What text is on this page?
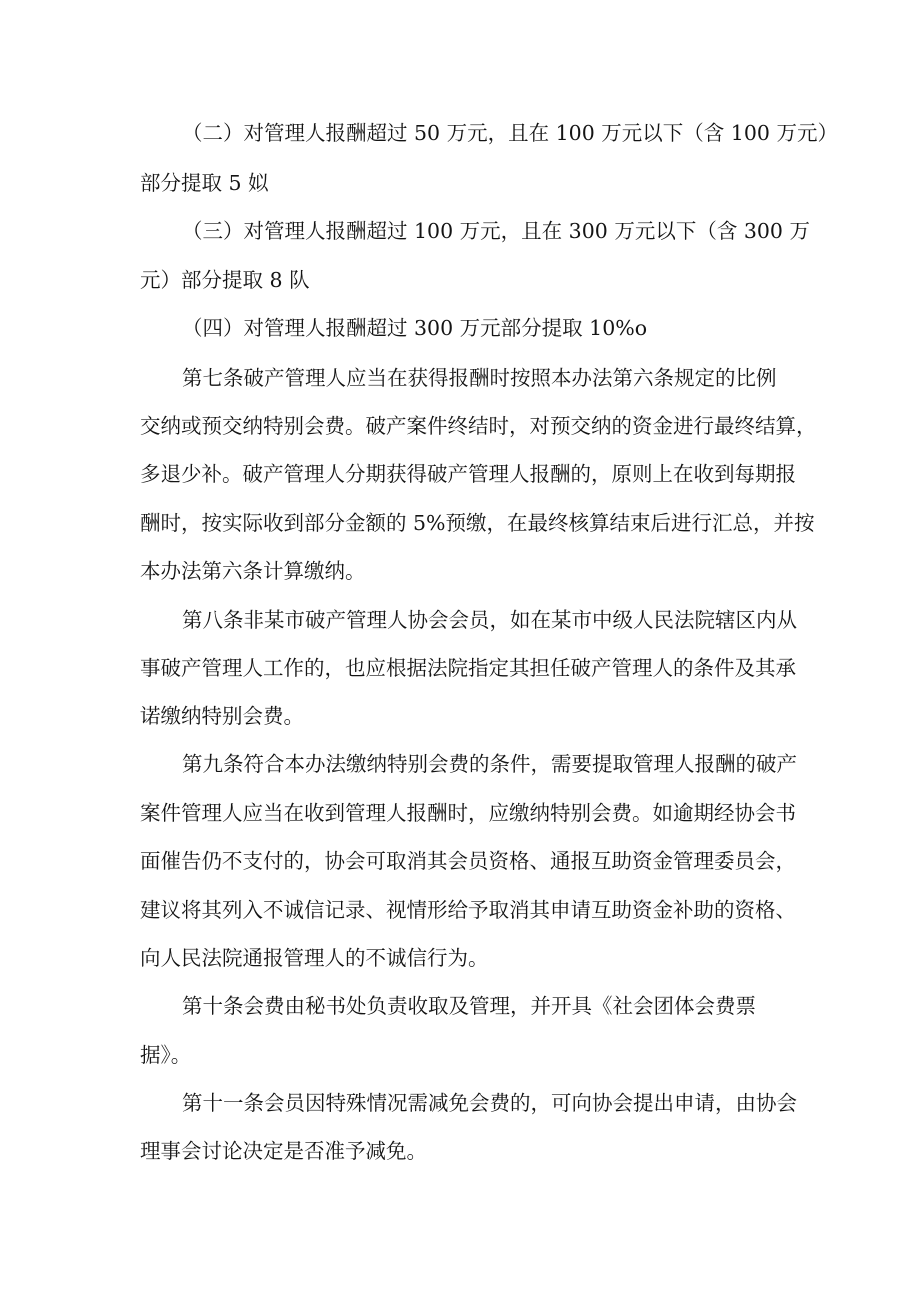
（二）对管理人报酬超过 50 万元，且在 100 万元以下（含 100 万元）

部分提取 5 姒

（三）对管理人报酬超过 100 万元，且在 300 万元以下（含 300 万

元）部分提取 8 队

（四）对管理人报酬超过 300 万元部分提取 10%o

第七条破产管理人应当在获得报酬时按照本办法第六条规定的比例

交纳或预交纳特别会费。破产案件终结时，对预交纳的资金进行最终结算，

多退少补。破产管理人分期获得破产管理人报酬的，原则上在收到每期报

酬时，按实际收到部分金额的 5%预缴，在最终核算结束后进行汇总，并按

本办法第六条计算缴纳。

第八条非某市破产管理人协会会员，如在某市中级人民法院辖区内从

事破产管理人工作的，也应根据法院指定其担任破产管理人的条件及其承

诺缴纳特别会费。

第九条符合本办法缴纳特别会费的条件，需要提取管理人报酬的破产

案件管理人应当在收到管理人报酬时，应缴纳特别会费。如逾期经协会书

面催告仍不支付的，协会可取消其会员资格、通报互助资金管理委员会，

建议将其列入不诚信记录、视情形给予取消其申请互助资金补助的资格、

向人民法院通报管理人的不诚信行为。

第十条会费由秘书处负责收取及管理，并开具《社会团体会费票

据》。

第十一条会员因特殊情况需减免会费的，可向协会提出申请，由协会

理事会讨论决定是否准予减免。
